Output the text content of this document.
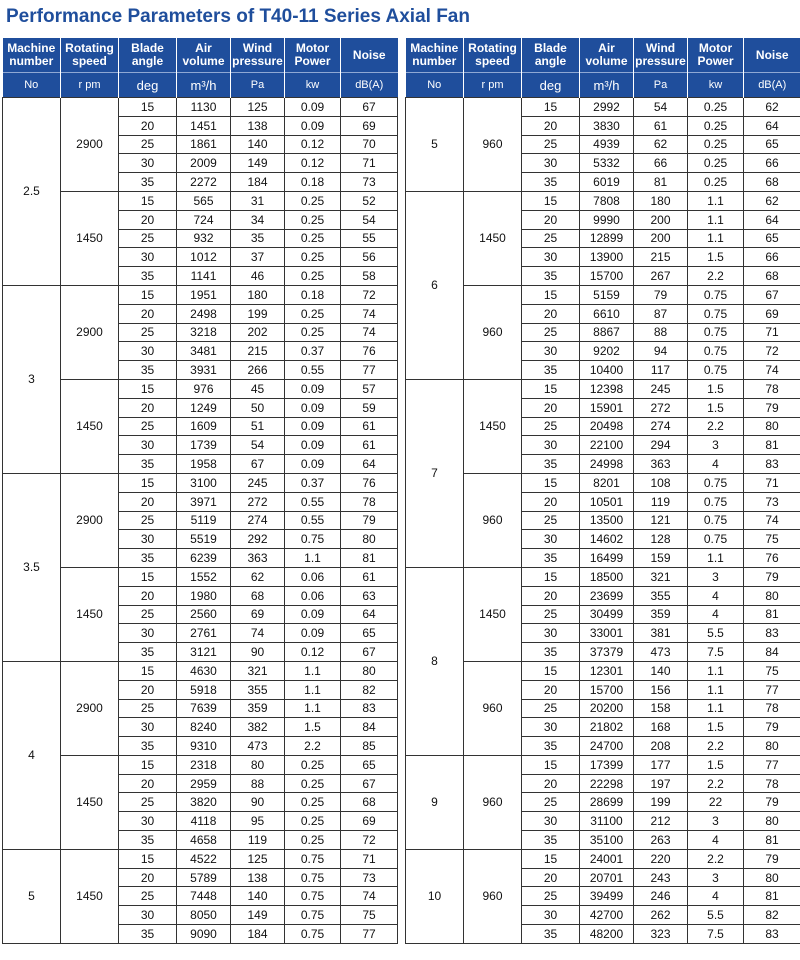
Performance Parameters of T40-11 Series Axial Fan
Machine number	Rotating speed	Blade angle	Air volume	Wind pressure	Motor Power	Noise
No	r pm	deg	m³/h	Pa	kw	dB(A)
2.5	2900	15	1130	125	0.09	67
		20	1451	138	0.09	69
		25	1861	140	0.12	70
		30	2009	149	0.12	71
		35	2272	184	0.18	73
	1450	15	565	31	0.25	52
		20	724	34	0.25	54
		25	932	35	0.25	55
		30	1012	37	0.25	56
		35	1141	46	0.25	58
3	2900	15	1951	180	0.18	72
		20	2498	199	0.25	74
		25	3218	202	0.25	74
		30	3481	215	0.37	76
		35	3931	266	0.55	77
	1450	15	976	45	0.09	57
		20	1249	50	0.09	59
		25	1609	51	0.09	61
		30	1739	54	0.09	61
		35	1958	67	0.09	64
3.5	2900	15	3100	245	0.37	76
		20	3971	272	0.55	78
		25	5119	274	0.55	79
		30	5519	292	0.75	80
		35	6239	363	1.1	81
	1450	15	1552	62	0.06	61
		20	1980	68	0.06	63
		25	2560	69	0.09	64
		30	2761	74	0.09	65
		35	3121	90	0.12	67
4	2900	15	4630	321	1.1	80
		20	5918	355	1.1	82
		25	7639	359	1.1	83
		30	8240	382	1.5	84
		35	9310	473	2.2	85
	1450	15	2318	80	0.25	65
		20	2959	88	0.25	67
		25	3820	90	0.25	68
		30	4118	95	0.25	69
		35	4658	119	0.25	72
5	1450	15	4522	125	0.75	71
		20	5789	138	0.75	73
		25	7448	140	0.75	74
		30	8050	149	0.75	75
		35	9090	184	0.75	77
Machine number	Rotating speed	Blade angle	Air volume	Wind pressure	Motor Power	Noise
No	r pm	deg	m³/h	Pa	kw	dB(A)
5	960	15	2992	54	0.25	62
		20	3830	61	0.25	64
		25	4939	62	0.25	65
		30	5332	66	0.25	66
		35	6019	81	0.25	68
6	1450	15	7808	180	1.1	62
		20	9990	200	1.1	64
		25	12899	200	1.1	65
		30	13900	215	1.5	66
		35	15700	267	2.2	68
	960	15	5159	79	0.75	67
		20	6610	87	0.75	69
		25	8867	88	0.75	71
		30	9202	94	0.75	72
		35	10400	117	0.75	74
7	1450	15	12398	245	1.5	78
		20	15901	272	1.5	79
		25	20498	274	2.2	80
		30	22100	294	3	81
		35	24998	363	4	83
	960	15	8201	108	0.75	71
		20	10501	119	0.75	73
		25	13500	121	0.75	74
		30	14602	128	0.75	75
		35	16499	159	1.1	76
8	1450	15	18500	321	3	79
		20	23699	355	4	80
		25	30499	359	4	81
		30	33001	381	5.5	83
		35	37379	473	7.5	84
	960	15	12301	140	1.1	75
		20	15700	156	1.1	77
		25	20200	158	1.1	78
		30	21802	168	1.5	79
		35	24700	208	2.2	80
9	960	15	17399	177	1.5	77
		20	22298	197	2.2	78
		25	28699	199	22	79
		30	31100	212	3	80
		35	35100	263	4	81
10	960	15	24001	220	2.2	79
		20	20701	243	3	80
		25	39499	246	4	81
		30	42700	262	5.5	82
		35	48200	323	7.5	83
